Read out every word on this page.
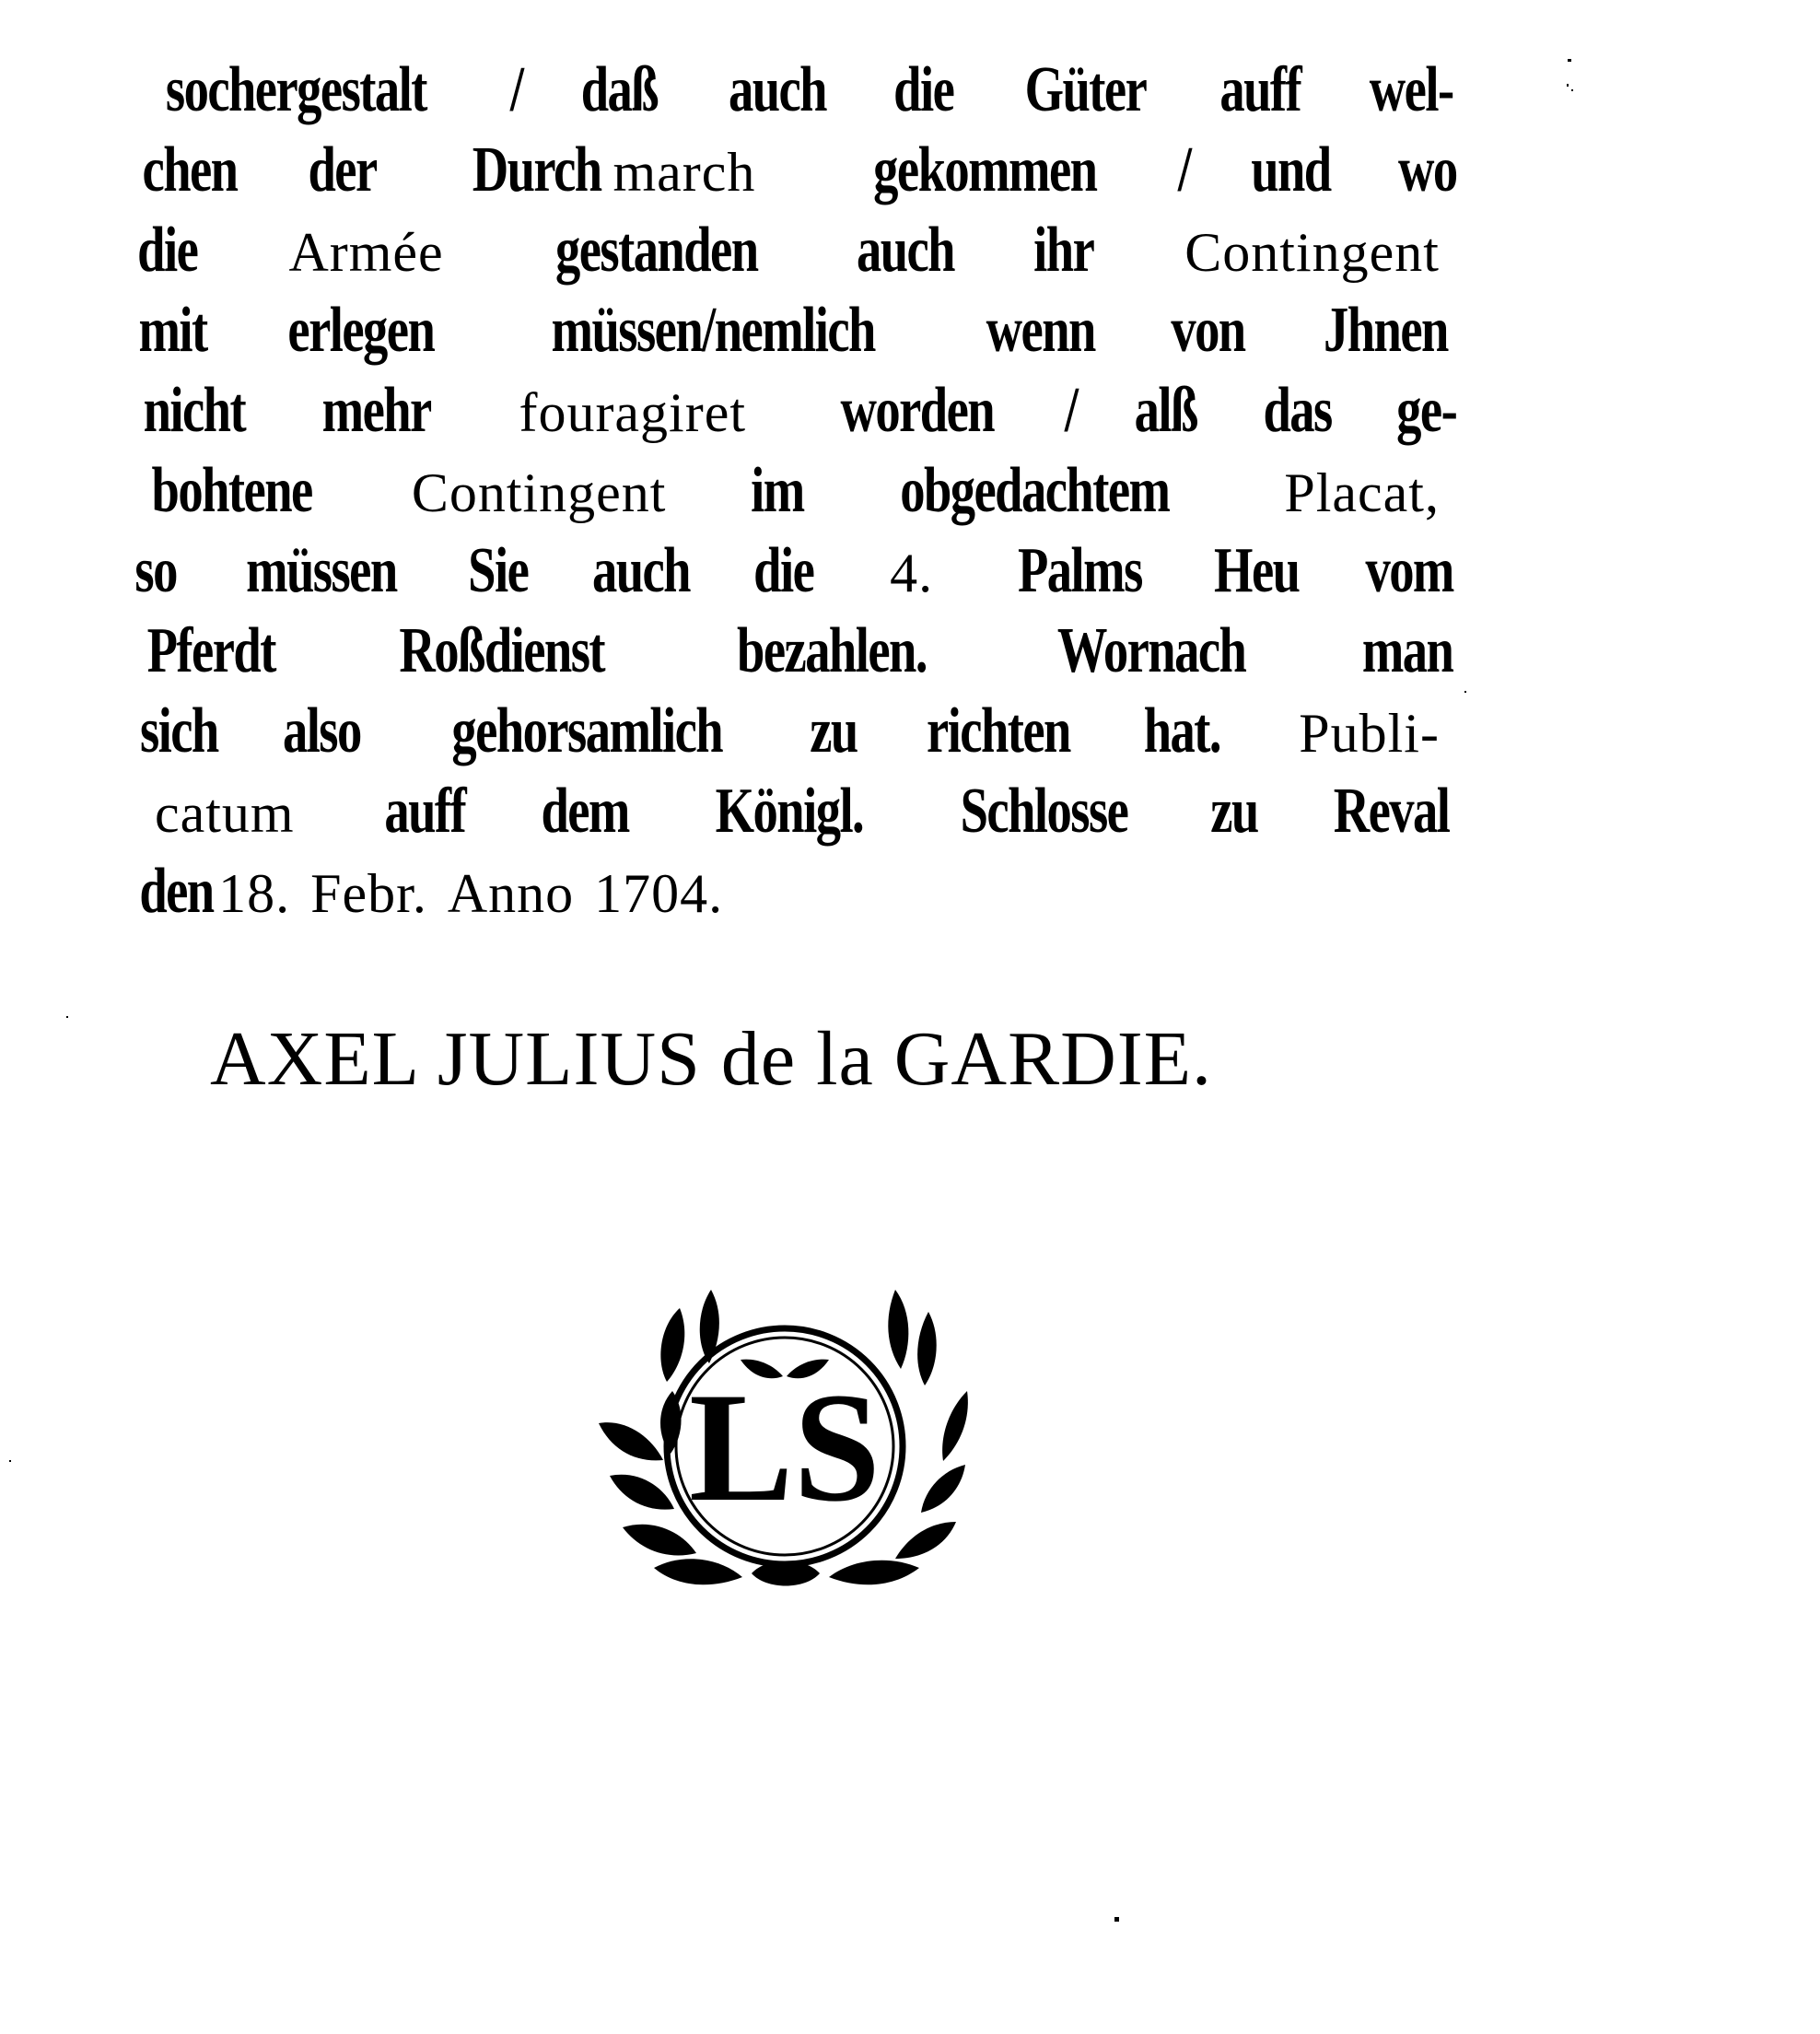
sochergestalt / daß auch die Güter auff wel-
chen der Durch march gekommen / und wo
die Armée gestanden auch ihr Contingent
mit erlegen müssen/nemlich wenn von Jhnen
nicht mehr fouragiret worden / alß das ge-
bohtene Contingent im obgedachtem Placat,
so müssen Sie auch die 4. Palms Heu vom
Pferdt Roßdienst bezahlen. Wornach man
sich also gehorsamlich zu richten hat. Publi-
catum auff dem Königl. Schlosse zu Reval
den 18. Febr. Anno 1704.
AXEL JULIUS de la GARDIE.
LS
